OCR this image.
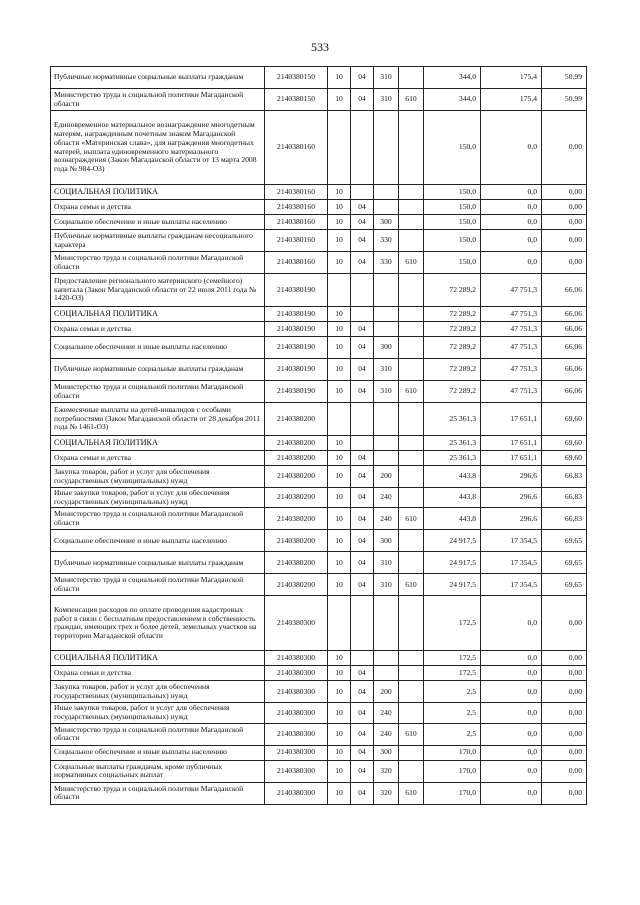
533
Публичные нормативные социальные выплаты гражданам	2140380150	10	04	310		344,0	175,4	50,99
Министерство труда и социальной политики Магаданской области	2140380150	10	04	310	610	344,0	175,4	50,99
Единовременное материальное вознаграждение многодетным матерям, награжденным почетным знаком Магаданской области «Материнская слава», для награждения многодетных матерей, выплата единовременного материального вознаграждения (Закон Магаданской области от 13 марта 2008 года № 984-ОЗ)	2140380160					150,0	0,0	0,00
СОЦИАЛЬНАЯ ПОЛИТИКА	2140380160	10				150,0	0,0	0,00
Охрана семьи и детства	2140380160	10	04			150,0	0,0	0,00
Социальное обеспечение и иные выплаты населению	2140380160	10	04	300		150,0	0,0	0,00
Публичные нормативные выплаты гражданам несоциального характера	2140380160	10	04	330		150,0	0,0	0,00
Министерство труда и социальной политики Магаданской области	2140380160	10	04	330	610	150,0	0,0	0,00
Предоставление регионального материнского (семейного) капитала (Закон Магаданской области от 22 июля 2011 года № 1420-ОЗ)	2140380190					72 289,2	47 751,3	66,06
СОЦИАЛЬНАЯ ПОЛИТИКА	2140380190	10				72 289,2	47 751,3	66,06
Охрана семьи и детства	2140380190	10	04			72 289,2	47 751,3	66,06
Социальное обеспечение и иные выплаты населению	2140380190	10	04	300		72 289,2	47 751,3	66,06
Публичные нормативные социальные выплаты гражданам	2140380190	10	04	310		72 289,2	47 751,3	66,06
Министерство труда и социальной политики Магаданской области	2140380190	10	04	310	610	72 289,2	47 751,3	66,06
Ежемесячные выплаты на детей-инвалидов с особыми потребностями (Закон Магаданской области от 28 декабря 2011 года № 1461-ОЗ)	2140380200					25 361,3	17 651,1	69,60
СОЦИАЛЬНАЯ ПОЛИТИКА	2140380200	10				25 361,3	17 651,1	69,60
Охрана семьи и детства	2140380200	10	04			25 361,3	17 651,1	69,60
Закупка товаров, работ и услуг для обеспечения государственных (муниципальных) нужд	2140380200	10	04	200		443,8	296,6	66,83
Иные закупки товаров, работ и услуг для обеспечения государственных (муниципальных) нужд	2140380200	10	04	240		443,8	296,6	66,83
Министерство труда и социальной политики Магаданской области	2140380200	10	04	240	610	443,8	296,6	66,83
Социальное обеспечение и иные выплаты населению	2140380200	10	04	300		24 917,5	17 354,5	69,65
Публичные нормативные социальные выплаты гражданам	2140380200	10	04	310		24 917,5	17 354,5	69,65
Министерство труда и социальной политики Магаданской области	2140380200	10	04	310	610	24 917,5	17 354,5	69,65
Компенсация расходов по оплате проведения кадастровых работ в связи с бесплатным предоставлением в собственность граждан, имеющих трех и более детей, земельных участков на территории Магаданской области	2140380300					172,5	0,0	0,00
СОЦИАЛЬНАЯ ПОЛИТИКА	2140380300	10				172,5	0,0	0,00
Охрана семьи и детства	2140380300	10	04			172,5	0,0	0,00
Закупка товаров, работ и услуг для обеспечения государственных (муниципальных) нужд	2140380300	10	04	200		2,5	0,0	0,00
Иные закупки товаров, работ и услуг для обеспечения государственных (муниципальных) нужд	2140380300	10	04	240		2,5	0,0	0,00
Министерство труда и социальной политики Магаданской области	2140380300	10	04	240	610	2,5	0,0	0,00
Социальное обеспечение и иные выплаты населению	2140380300	10	04	300		170,0	0,0	0,00
Социальные выплаты гражданам, кроме публичных нормативных социальных выплат	2140380300	10	04	320		170,0	0,0	0,00
Министерство труда и социальной политики Магаданской области	2140380300	10	04	320	610	170,0	0,0	0,00
